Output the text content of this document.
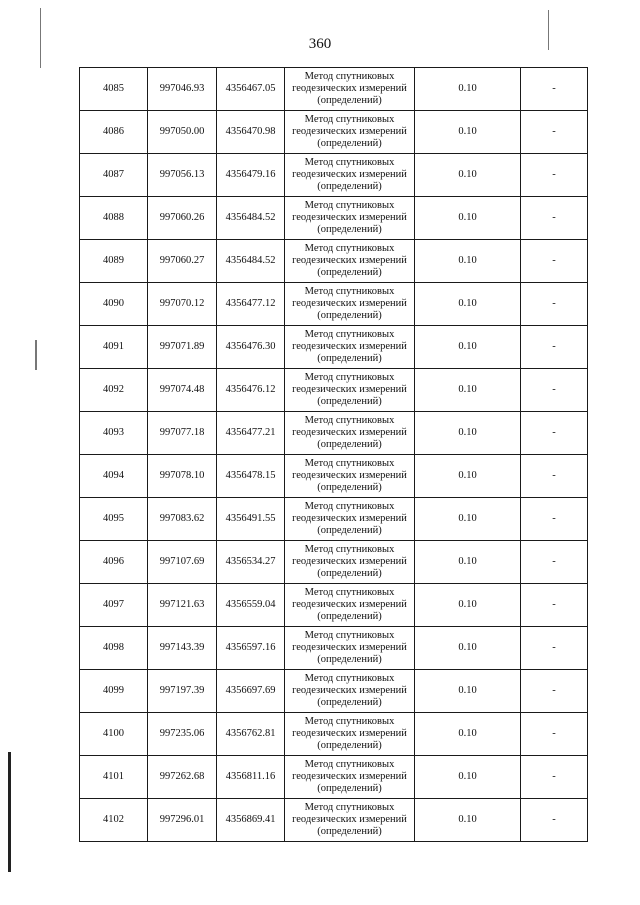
360
4085	997046.93	4356467.05	Метод спутниковых
геодезических измерений
(определений)	0.10	-
4086	997050.00	4356470.98	Метод спутниковых
геодезических измерений
(определений)	0.10	-
4087	997056.13	4356479.16	Метод спутниковых
геодезических измерений
(определений)	0.10	-
4088	997060.26	4356484.52	Метод спутниковых
геодезических измерений
(определений)	0.10	-
4089	997060.27	4356484.52	Метод спутниковых
геодезических измерений
(определений)	0.10	-
4090	997070.12	4356477.12	Метод спутниковых
геодезических измерений
(определений)	0.10	-
4091	997071.89	4356476.30	Метод спутниковых
геодезических измерений
(определений)	0.10	-
4092	997074.48	4356476.12	Метод спутниковых
геодезических измерений
(определений)	0.10	-
4093	997077.18	4356477.21	Метод спутниковых
геодезических измерений
(определений)	0.10	-
4094	997078.10	4356478.15	Метод спутниковых
геодезических измерений
(определений)	0.10	-
4095	997083.62	4356491.55	Метод спутниковых
геодезических измерений
(определений)	0.10	-
4096	997107.69	4356534.27	Метод спутниковых
геодезических измерений
(определений)	0.10	-
4097	997121.63	4356559.04	Метод спутниковых
геодезических измерений
(определений)	0.10	-
4098	997143.39	4356597.16	Метод спутниковых
геодезических измерений
(определений)	0.10	-
4099	997197.39	4356697.69	Метод спутниковых
геодезических измерений
(определений)	0.10	-
4100	997235.06	4356762.81	Метод спутниковых
геодезических измерений
(определений)	0.10	-
4101	997262.68	4356811.16	Метод спутниковых
геодезических измерений
(определений)	0.10	-
4102	997296.01	4356869.41	Метод спутниковых
геодезических измерений
(определений)	0.10	-
